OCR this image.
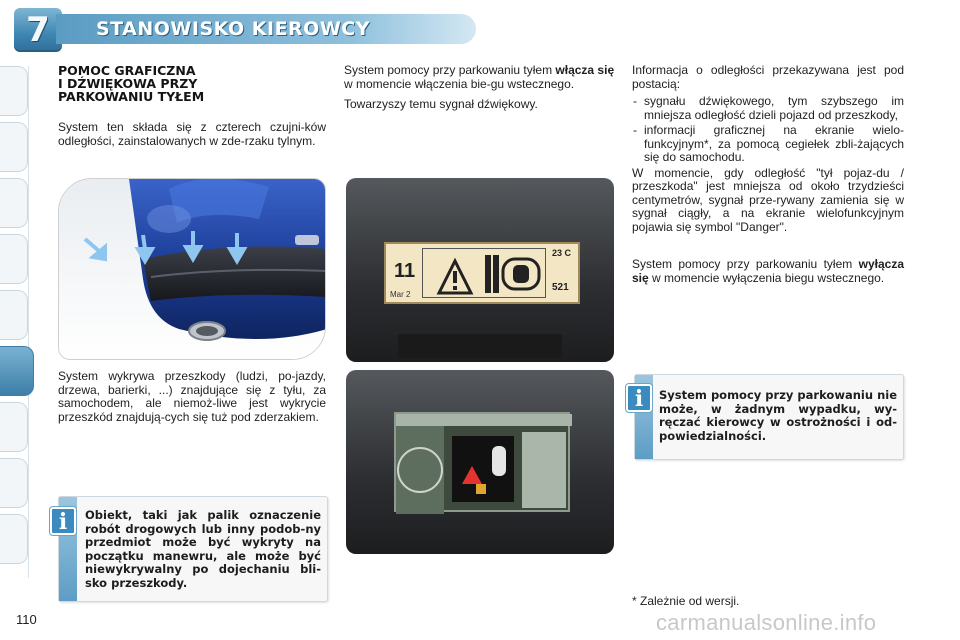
7	STANOWISKO KIEROWCY
POMOC GRAFICZNA
I DŹWIĘKOWA PRZY
PARKOWANIU TYŁEM
System ten składa się z czterech czujni-ków odległości, zainstalowanych w zde-rzaku tylnym.
System wykrywa przeszkody (ludzi, po-jazdy, drzewa, barierki, ...) znajdujące się z tyłu, za samochodem, ale niemoż-liwe jest wykrycie przeszkód znajdują-cych się tuż pod zderzakiem.
Obiekt, taki jak palik oznaczenie robót drogowych lub inny podob-ny przedmiot może być wykryty na początku manewru, ale może być niewykrywalny po dojechaniu bli-sko przeszkody.
i

System pomocy przy parkowaniu tyłem włącza się w momencie włączenia bie-gu wstecznego.

Towarzyszy temu sygnał dźwiękowy.

11
Mar 2
23 C
521

Informacja o odległości przekazywana jest pod postacią:

- sygnału dźwiękowego, tym szybszego im mniejsza odległość dzieli pojazd od przeszkody,
- informacji graficznej na ekranie wielo-funkcyjnym*, za pomocą cegiełek zbli-żających się do samochodu.

W momencie, gdy odległość "tył pojaz-du / przeszkoda" jest mniejsza od około trzydzieści centymetrów, sygnał prze-rywany zamienia się w sygnał ciągły, a na ekranie wielofunkcyjnym pojawia się symbol "Danger".

System pomocy przy parkowaniu tyłem wyłącza się w momencie wyłączenia biegu wstecznego.

System pomocy przy parkowaniu nie może, w żadnym wypadku, wy-ręczać kierowcy w ostrożności i od-powiedzialności.
i
* Zależnie od wersji.
110	carmanualsonline.info
